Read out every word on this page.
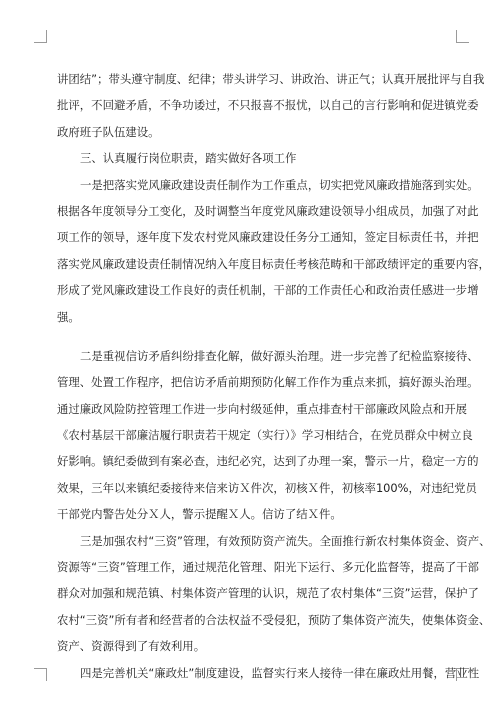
讲团结”；带头遵守制度、纪律；带头讲学习、讲政治、讲正气；认真开展批评与自我
批评，不回避矛盾，不争功诿过，不只报喜不报忧，以自己的言行影响和促进镇党委
政府班子队伍建设。
三、认真履行岗位职责，踏实做好各项工作
一是把落实党风廉政建设责任制作为工作重点，切实把党风廉政措施落到实处。
根据各年度领导分工变化，及时调整当年度党风廉政建设领导小组成员，加强了对此
项工作的领导，逐年度下发农村党风廉政建设任务分工通知，签定目标责任书，并把
落实党风廉政建设责任制情况纳入年度目标责任考核范畴和干部政绩评定的重要内容，
形成了党风廉政建设工作良好的责任机制，干部的工作责任心和政治责任感进一步增
强。
二是重视信访矛盾纠纷排查化解，做好源头治理。进一步完善了纪检监察接待、
管理、处置工作程序，把信访矛盾前期预防化解工作作为重点来抓，搞好源头治理。
通过廉政风险防控管理工作进一步向村级延伸，重点排查村干部廉政风险点和开展
《农村基层干部廉洁履行职责若干规定（实行）》学习相结合，在党员群众中树立良
好影响。镇纪委做到有案必查，违纪必究，达到了办理一案，警示一片，稳定一方的
效果，三年以来镇纪委接待来信来访Ｘ件次，初核Ｘ件，初核率100%，对违纪党员
干部党内警告处分Ｘ人，警示提醒Ｘ人。信访了结Ｘ件。
三是加强农村“三资”管理，有效预防资产流失。全面推行新农村集体资金、资产、
资源等“三资”管理工作，通过规范化管理、阳光下运行、多元化监督等，提高了干部
群众对加强和规范镇、村集体资产管理的认识，规范了农村集体“三资”运营，保护了
农村“三资”所有者和经营者的合法权益不受侵犯，预防了集体资产流失，使集体资金、
资产、资源得到了有效利用。
四是完善机关“廉政灶”制度建设，监督实行来人接待一律在廉政灶用餐，营业性
